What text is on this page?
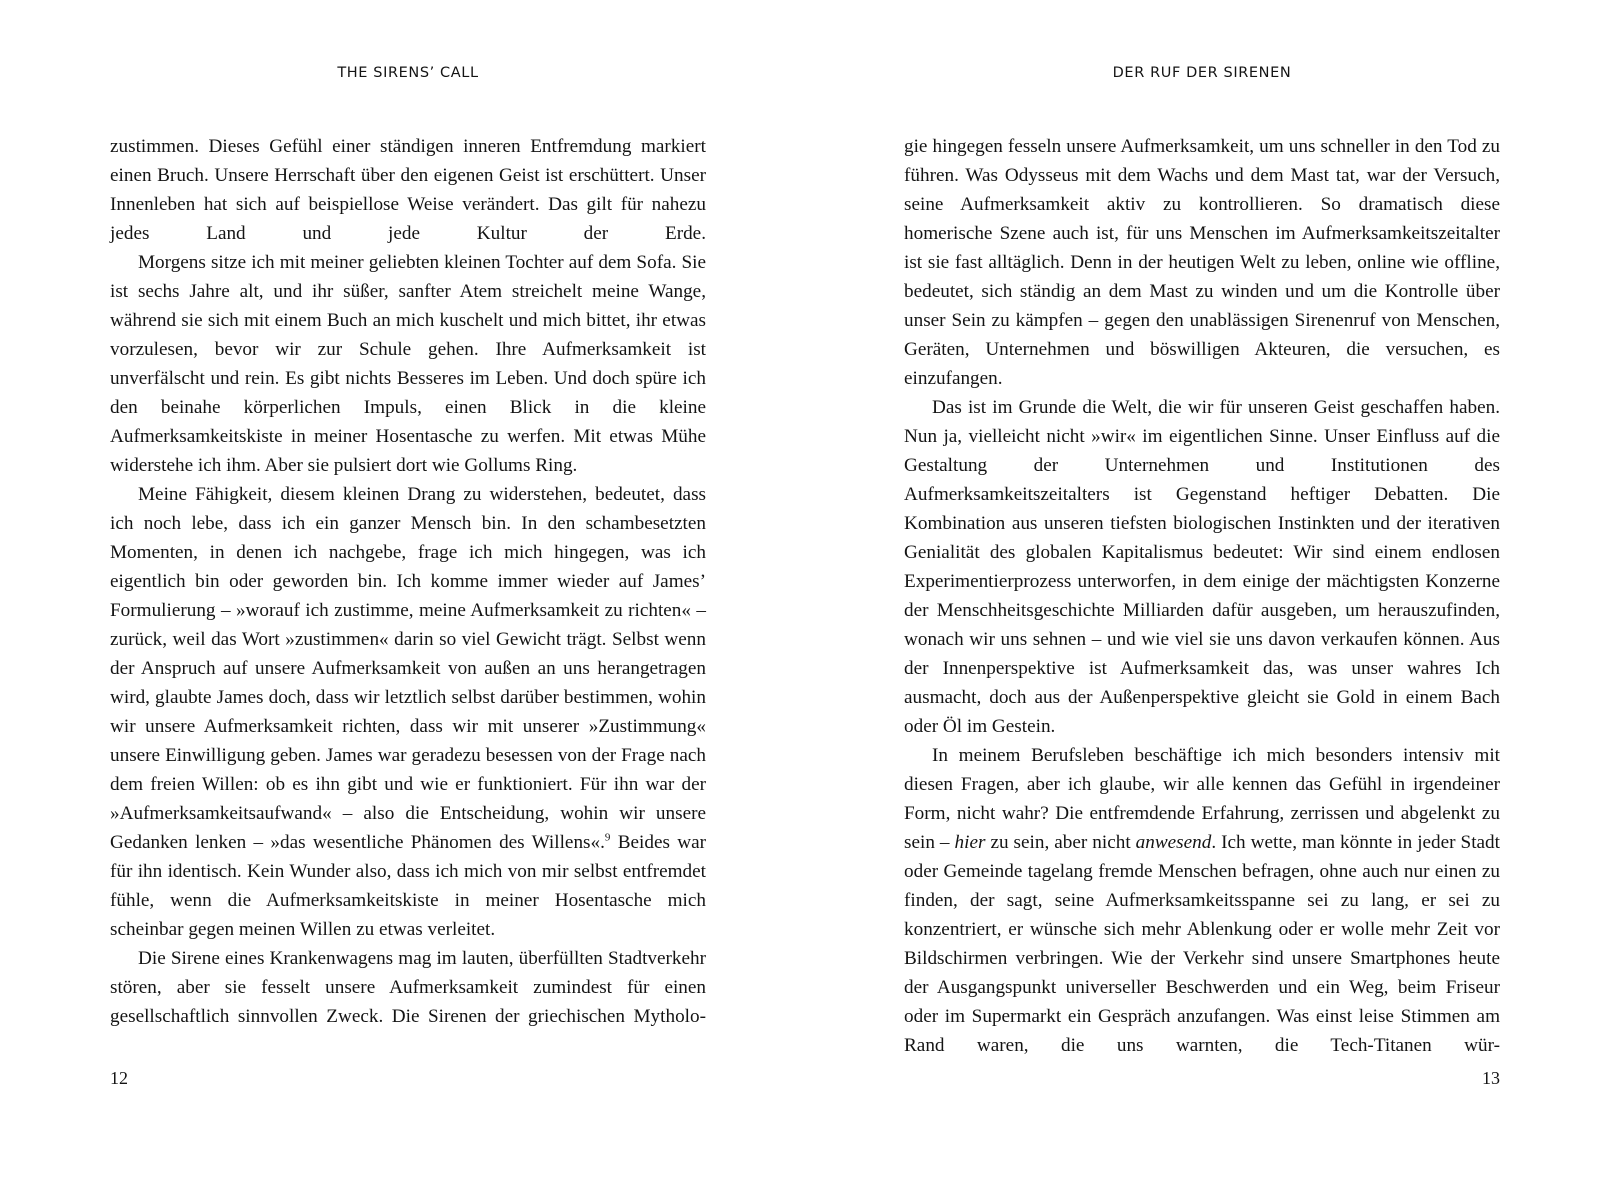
THE SIRENS’ CALL

zustimmen. Dieses Gefühl einer ständigen inneren Entfremdung markiert einen Bruch. Unsere Herrschaft über den eigenen Geist ist erschüttert. Unser Innenleben hat sich auf beispiellose Weise verändert. Das gilt für nahezu jedes Land und jede Kultur der Erde.

Morgens sitze ich mit meiner geliebten kleinen Tochter auf dem Sofa. Sie ist sechs Jahre alt, und ihr süßer, sanfter Atem streichelt meine Wange, während sie sich mit einem Buch an mich kuschelt und mich bittet, ihr etwas vorzulesen, bevor wir zur Schule gehen. Ihre Aufmerksamkeit ist unverfälscht und rein. Es gibt nichts Besseres im Leben. Und doch spüre ich den beinahe körperlichen Impuls, einen Blick in die kleine Aufmerksamkeitskiste in meiner Hosentasche zu werfen. Mit etwas Mühe widerstehe ich ihm. Aber sie pulsiert dort wie Gollums Ring.

Meine Fähigkeit, diesem kleinen Drang zu widerstehen, bedeutet, dass ich noch lebe, dass ich ein ganzer Mensch bin. In den schambesetzten Momenten, in denen ich nachgebe, frage ich mich hingegen, was ich eigentlich bin oder geworden bin. Ich komme immer wieder auf James’ Formulierung – »worauf ich zustimme, meine Aufmerksamkeit zu richten« – zurück, weil das Wort »zustimmen« darin so viel Gewicht trägt. Selbst wenn der Anspruch auf unsere Aufmerksamkeit von außen an uns herangetragen wird, glaubte James doch, dass wir letztlich selbst darüber bestimmen, wohin wir unsere Aufmerksamkeit richten, dass wir mit unserer »Zustimmung« unsere Einwilligung geben. James war geradezu besessen von der Frage nach dem freien Willen: ob es ihn gibt und wie er funktioniert. Für ihn war der »Aufmerksamkeitsaufwand« – also die Entscheidung, wohin wir unsere Gedanken lenken – »das wesentliche Phänomen des Willens«.$^9$ Beides war für ihn identisch. Kein Wunder also, dass ich mich von mir selbst entfremdet fühle, wenn die Aufmerksamkeitskiste in meiner Hosentasche mich scheinbar gegen meinen Willen zu etwas verleitet.

Die Sirene eines Krankenwagens mag im lauten, überfüllten Stadtverkehr stören, aber sie fesselt unsere Aufmerksamkeit zumindest für einen gesellschaftlich sinnvollen Zweck. Die Sirenen der griechischen Mytholo-

12
DER RUF DER SIRENEN

gie hingegen fesseln unsere Aufmerksamkeit, um uns schneller in den Tod zu führen. Was Odysseus mit dem Wachs und dem Mast tat, war der Versuch, seine Aufmerksamkeit aktiv zu kontrollieren. So dramatisch diese homerische Szene auch ist, für uns Menschen im Aufmerksamkeitszeitalter ist sie fast alltäglich. Denn in der heutigen Welt zu leben, online wie offline, bedeutet, sich ständig an dem Mast zu winden und um die Kontrolle über unser Sein zu kämpfen – gegen den unablässigen Sirenenruf von Menschen, Geräten, Unternehmen und böswilligen Akteuren, die versuchen, es einzufangen.

Das ist im Grunde die Welt, die wir für unseren Geist geschaffen haben. Nun ja, vielleicht nicht »wir« im eigentlichen Sinne. Unser Einfluss auf die Gestaltung der Unternehmen und Institutionen des Aufmerksamkeitszeitalters ist Gegenstand heftiger Debatten. Die Kombination aus unseren tiefsten biologischen Instinkten und der iterativen Genialität des globalen Kapitalismus bedeutet: Wir sind einem endlosen Experimentierprozess unterworfen, in dem einige der mächtigsten Konzerne der Menschheitsgeschichte Milliarden dafür ausgeben, um herauszufinden, wonach wir uns sehnen – und wie viel sie uns davon verkaufen können. Aus der Innenperspektive ist Aufmerksamkeit das, was unser wahres Ich ausmacht, doch aus der Außenperspektive gleicht sie Gold in einem Bach oder Öl im Gestein.

In meinem Berufsleben beschäftige ich mich besonders intensiv mit diesen Fragen, aber ich glaube, wir alle kennen das Gefühl in irgendeiner Form, nicht wahr? Die entfremdende Erfahrung, zerrissen und abgelenkt zu sein – hier zu sein, aber nicht anwesend. Ich wette, man könnte in jeder Stadt oder Gemeinde tagelang fremde Menschen befragen, ohne auch nur einen zu finden, der sagt, seine Aufmerksamkeitsspanne sei zu lang, er sei zu konzentriert, er wünsche sich mehr Ablenkung oder er wolle mehr Zeit vor Bildschirmen verbringen. Wie der Verkehr sind unsere Smartphones heute der Ausgangspunkt universeller Beschwerden und ein Weg, beim Friseur oder im Supermarkt ein Gespräch anzufangen. Was einst leise Stimmen am Rand waren, die uns warnten, die Tech-Titanen wür-

13
